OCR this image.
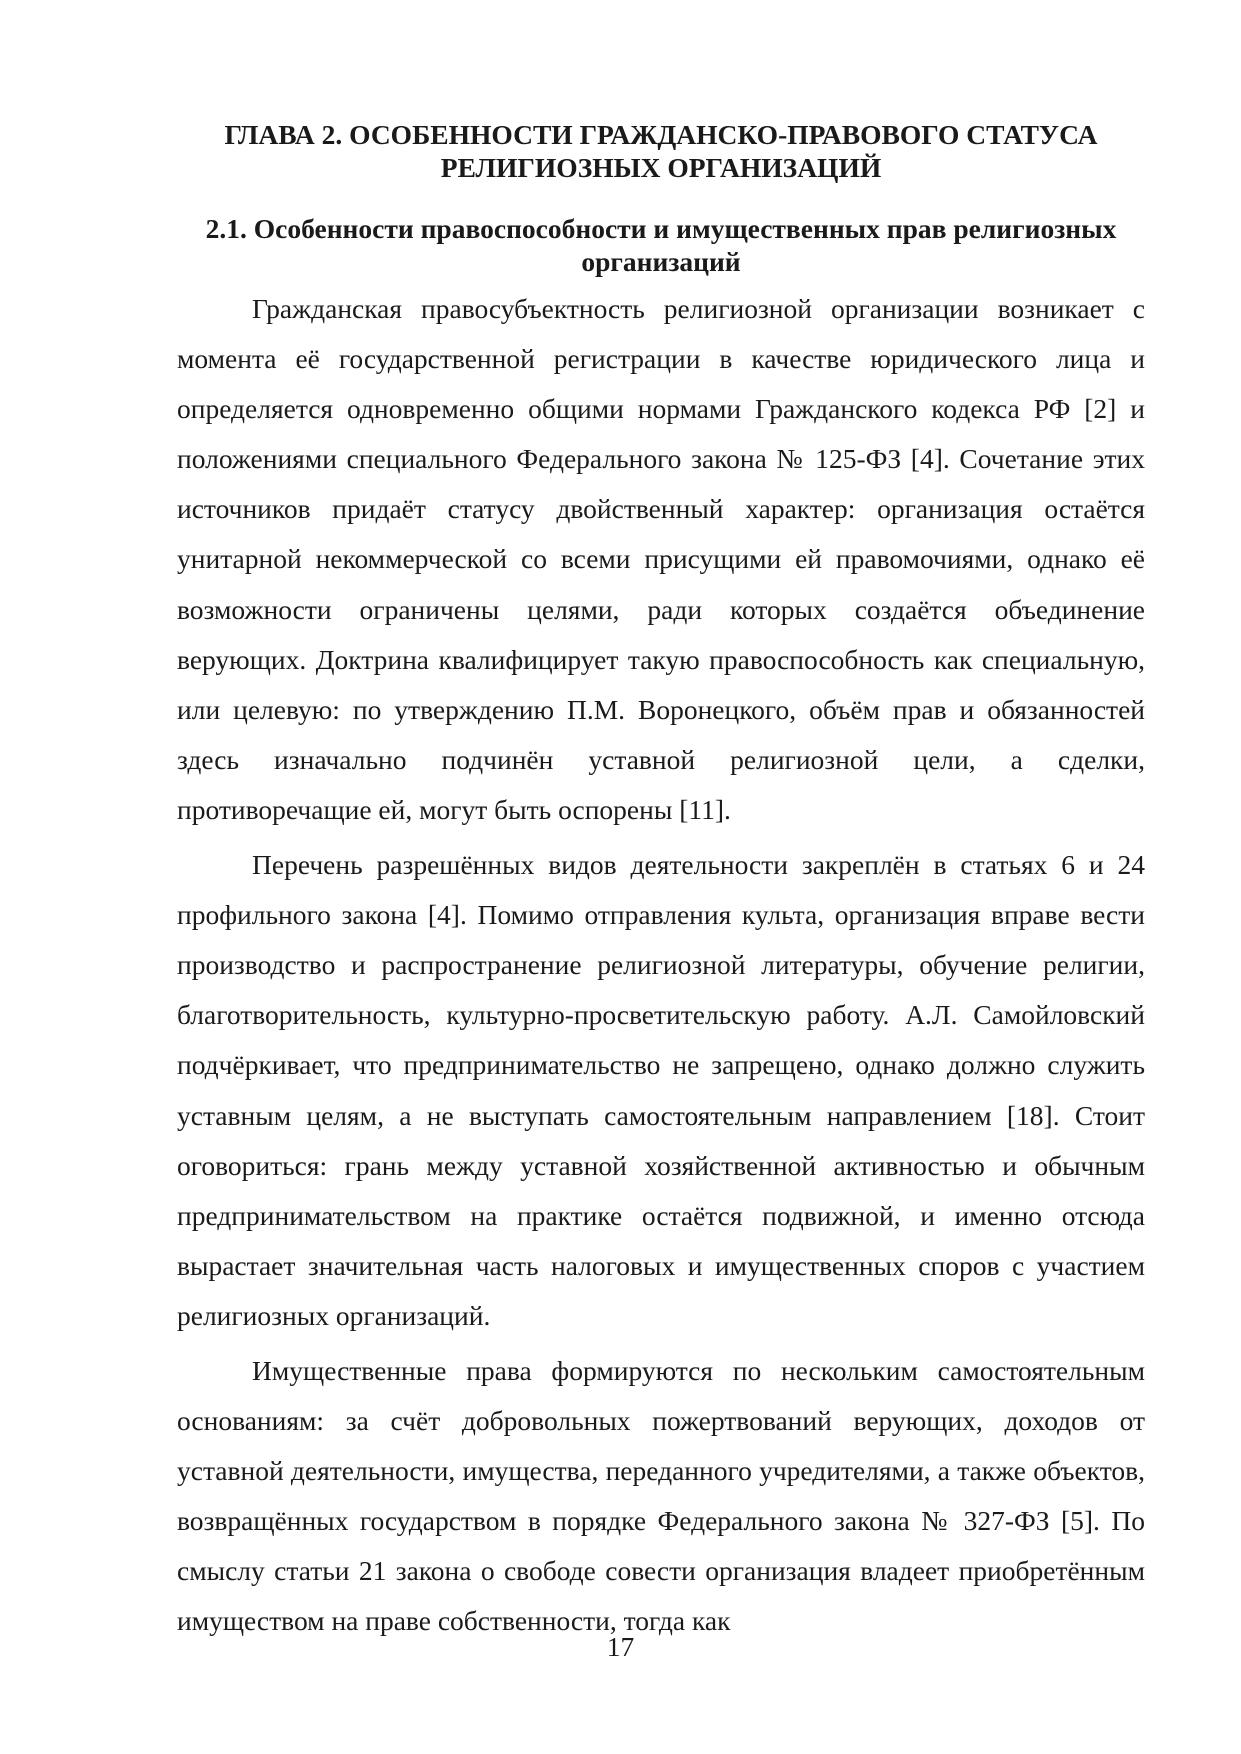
ГЛАВА 2. ОСОБЕННОСТИ ГРАЖДАНСКО-ПРАВОВОГО СТАТУСА РЕЛИГИОЗНЫХ ОРГАНИЗАЦИЙ
2.1. Особенности правоспособности и имущественных прав религиозных организаций

Гражданская правосубъектность религиозной организации возникает с момента её государственной регистрации в качестве юридического лица и определяется одновременно общими нормами Гражданского кодекса РФ [2] и положениями специального Федерального закона № 125-ФЗ [4]. Сочетание этих источников придаёт статусу двойственный характер: организация остаётся унитарной некоммерческой со всеми присущими ей правомочиями, однако её возможности ограничены целями, ради которых создаётся объединение верующих. Доктрина квалифицирует такую правоспособность как специальную, или целевую: по утверждению П.М. Воронецкого, объём прав и обязанностей здесь изначально подчинён уставной религиозной цели, а сделки, противоречащие ей, могут быть оспорены [11].

Перечень разрешённых видов деятельности закреплён в статьях 6 и 24 профильного закона [4]. Помимо отправления культа, организация вправе вести производство и распространение религиозной литературы, обучение религии, благотворительность, культурно-просветительскую работу. А.Л. Самойловский подчёркивает, что предпринимательство не запрещено, однако должно служить уставным целям, а не выступать самостоятельным направлением [18]. Стоит оговориться: грань между уставной хозяйственной активностью и обычным предпринимательством на практике остаётся подвижной, и именно отсюда вырастает значительная часть налоговых и имущественных споров с участием религиозных организаций.

Имущественные права формируются по нескольким самостоятельным основаниям: за счёт добровольных пожертвований верующих, доходов от уставной деятельности, имущества, переданного учредителями, а также объектов, возвращённых государством в порядке Федерального закона № 327-ФЗ [5]. По смыслу статьи 21 закона о свободе совести организация владеет приобретённым имуществом на праве собственности, тогда как

17
